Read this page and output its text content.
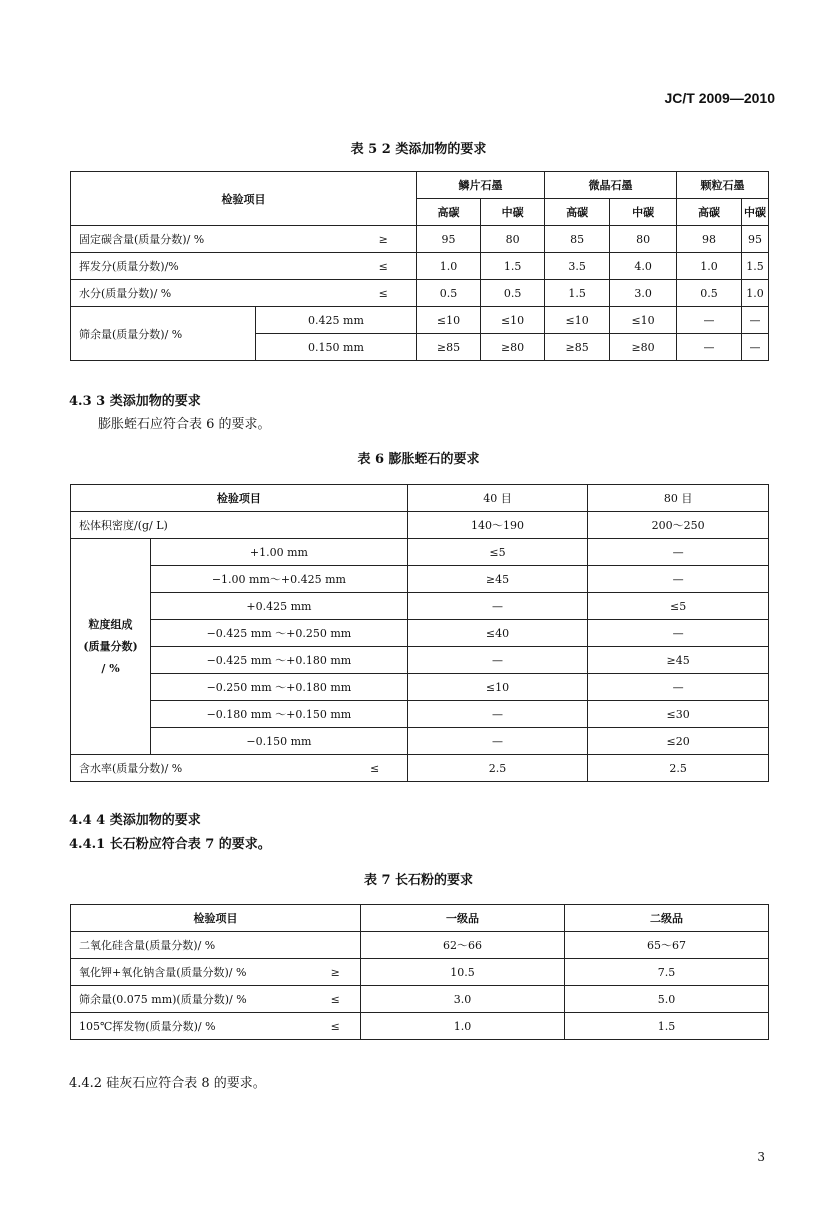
JC/T 2009—2010
表 5 2 类添加物的要求
检验项目			鳞片石墨		微晶石墨		颗粒石墨	
			高碳	中碳	高碳	中碳	高碳	中碳
固定碳含量(质量分数)/ %		≥	95	80	85	80	98	95
挥发分(质量分数)/%		≤	1.0	1.5	3.5	4.0	1.0	1.5
水分(质量分数)/ %		≤	0.5	0.5	1.5	3.0	0.5	1.0
筛余量(质量分数)/ %	0.425 mm		≤10	≤10	≤10	≤10	—	—
	0.150 mm		≥85	≥80	≥85	≥80	—	—
4.3 3 类添加物的要求
膨胀蛭石应符合表 6 的要求。
表 6 膨胀蛭石的要求
检验项目			40 目	80 目
松体积密度/(g/ L)			140～190	200～250

粒度组成
(质量分数)
/ %	+1.00 mm		≤5	—
	−1.00 mm～+0.425 mm		≥45	—
	+0.425 mm		—	≤5
	−0.425 mm ～+0.250 mm		≤40	—
	−0.425 mm ～+0.180 mm		—	≥45
	−0.250 mm ～+0.180 mm		≤10	—
	−0.180 mm ～+0.150 mm		—	≤30
	−0.150 mm		—	≤20
含水率(质量分数)/ %		≤	2.5	2.5
4.4 4 类添加物的要求
4.4.1 长石粉应符合表 7 的要求。
表 7 长石粉的要求
检验项目		一级品	二级品
二氧化硅含量(质量分数)/ %		62～66	65～67
氧化钾+氧化钠含量(质量分数)/ %	≥	10.5	7.5
筛余量(0.075 mm)(质量分数)/ %	≤	3.0	5.0
105℃挥发物(质量分数)/ %	≤	1.0	1.5
4.4.2 硅灰石应符合表 8 的要求。
3
